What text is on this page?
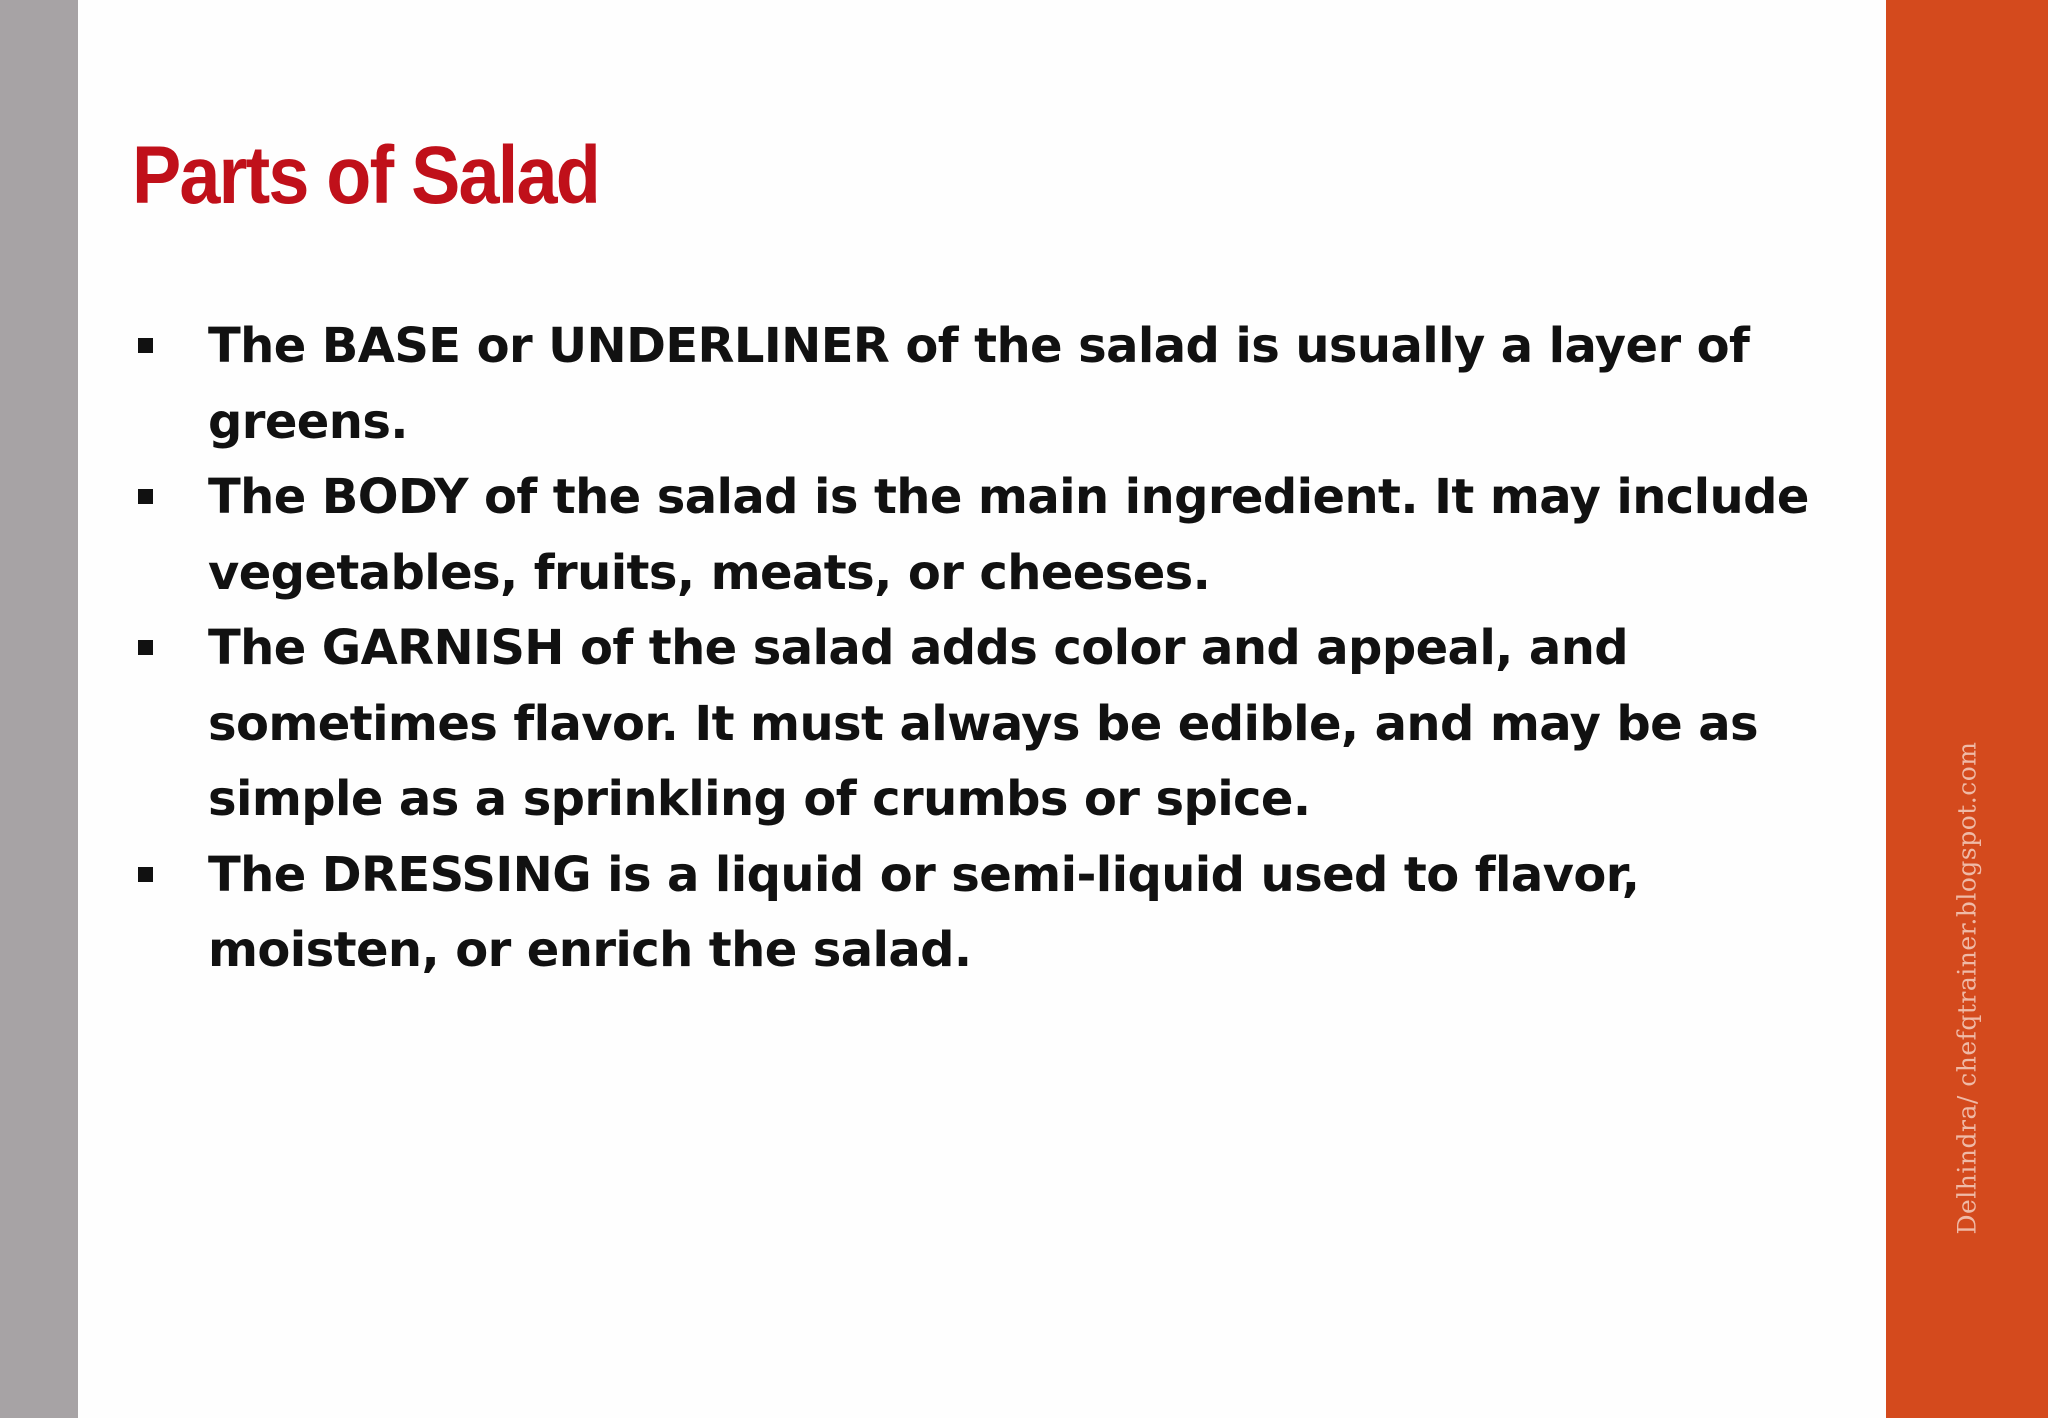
Delhindra/ chefqtrainer.blogspot.com
Parts of Salad
The BASE or UNDERLINER of the salad is usually a layer of greens.
The BODY of the salad is the main ingredient. It may include vegetables, fruits, meats, or cheeses.
The GARNISH of the salad adds color and appeal, and sometimes flavor. It must always be edible, and may be as simple as a sprinkling of crumbs or spice.
The DRESSING is a liquid or semi-liquid used to flavor, moisten, or enrich the salad.
